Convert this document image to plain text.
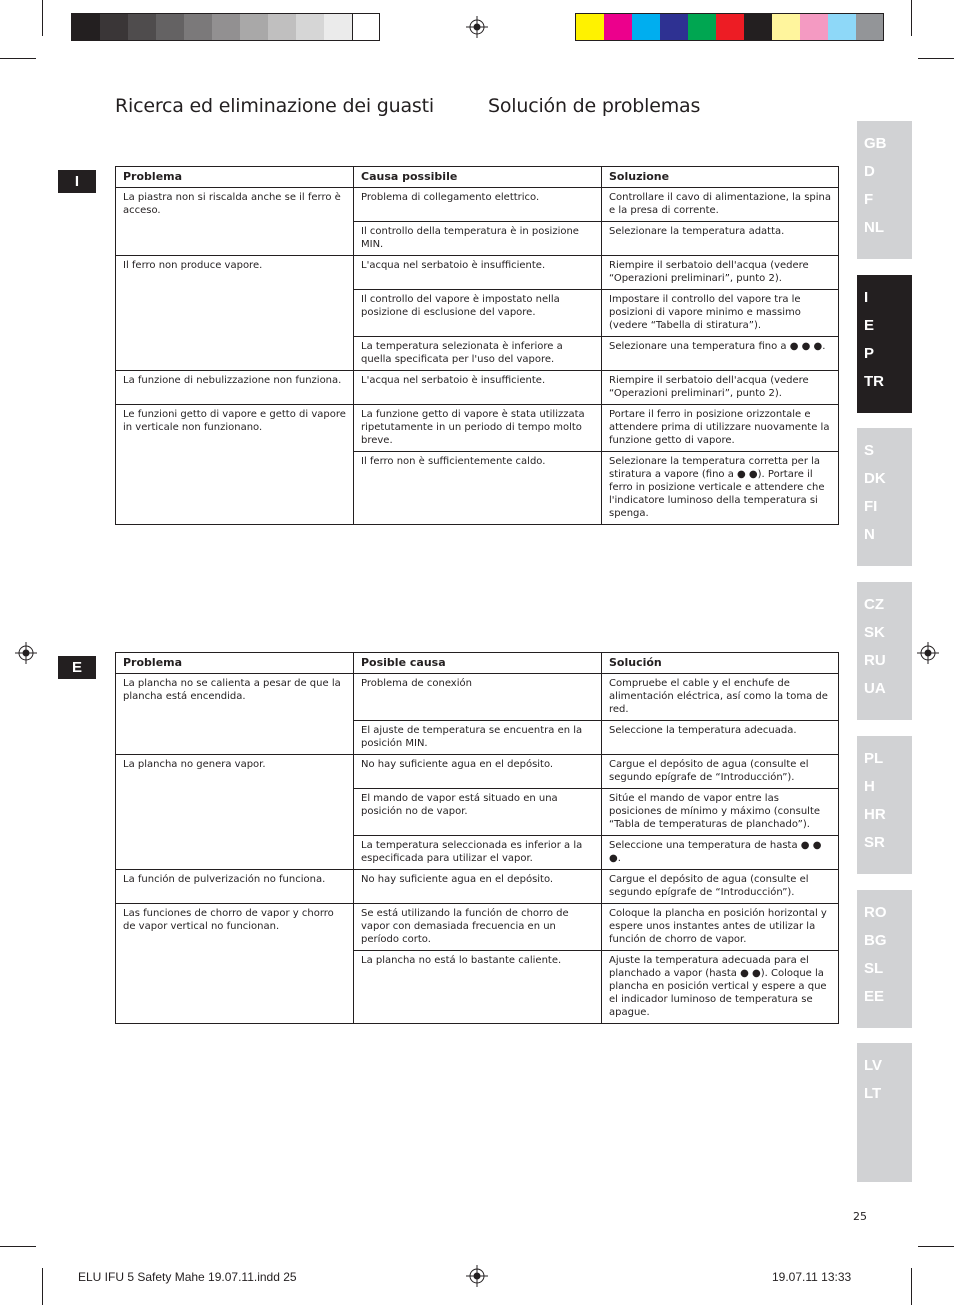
Ricerca ed eliminazione dei guasti	Solución de problemas
GB
D
F
NL
I
E
P
TR
S
DK
FI
N
CZ
SK
RU
UA
PL
H
HR
SR
RO
BG
SL
EE
LV
LT
I
E
Problema	Causa possibile	Soluzione
La piastra non si riscalda anche se il ferro è acceso.	Problema di collegamento elettrico.	Controllare il cavo di alimentazione, la spina e la presa di corrente.
	Il controllo della temperatura è in posizione MIN.	Selezionare la temperatura adatta.
Il ferro non produce vapore.	L'acqua nel serbatoio è insufficiente.	Riempire il serbatoio dell'acqua (vedere “Operazioni preliminari”, punto 2).
	Il controllo del vapore è impostato nella posizione di esclusione del vapore.	Impostare il controllo del vapore tra le posizioni di vapore minimo e massimo (vedere “Tabella di stiratura”).
	La temperatura selezionata è inferiore a quella specificata per l'uso del vapore.	Selezionare una temperatura fino a ● ● ●.
La funzione di nebulizzazione non funziona.	L'acqua nel serbatoio è insufficiente.	Riempire il serbatoio dell'acqua (vedere “Operazioni preliminari”, punto 2).
Le funzioni getto di vapore e getto di vapore in verticale non funzionano.	La funzione getto di vapore è stata utilizzata ripetutamente in un periodo di tempo molto breve.	Portare il ferro in posizione orizzontale e attendere prima di utilizzare nuovamente la funzione getto di vapore.
	Il ferro non è sufficientemente caldo.	Selezionare la temperatura corretta per la stiratura a vapore (fino a ● ●). Portare il ferro in posizione verticale e attendere che l'indicatore luminoso della temperatura si spenga.
Problema	Posible causa	Solución
La plancha no se calienta a pesar de que la plancha está encendida.	Problema de conexión	Compruebe el cable y el enchufe de alimentación eléctrica, así como la toma de red.
	El ajuste de temperatura se encuentra en la posición MIN.	Seleccione la temperatura adecuada.
La plancha no genera vapor.	No hay suficiente agua en el depósito.	Cargue el depósito de agua (consulte el segundo epígrafe de “Introducción”).
	El mando de vapor está situado en una posición no de vapor.	Sitúe el mando de vapor entre las posiciones de mínimo y máximo (consulte “Tabla de temperaturas de planchado”).
	La temperatura seleccionada es inferior a la especificada para utilizar el vapor.	Seleccione una temperatura de hasta ● ● ●.
La función de pulverización no funciona.	No hay suficiente agua en el depósito.	Cargue el depósito de agua (consulte el segundo epígrafe de “Introducción”).
Las funciones de chorro de vapor y chorro de vapor vertical no funcionan.	Se está utilizando la función de chorro de vapor con demasiada frecuencia en un período corto.	Coloque la plancha en posición horizontal y espere unos instantes antes de utilizar la función de chorro de vapor.
	La plancha no está lo bastante caliente.	Ajuste la temperatura adecuada para el planchado a vapor (hasta ● ●). Coloque la plancha en posición vertical y espere a que el indicador luminoso de temperatura se apague.
25
ELU IFU 5 Safety Mahe 19.07.11.indd 25	19.07.11 13:33
